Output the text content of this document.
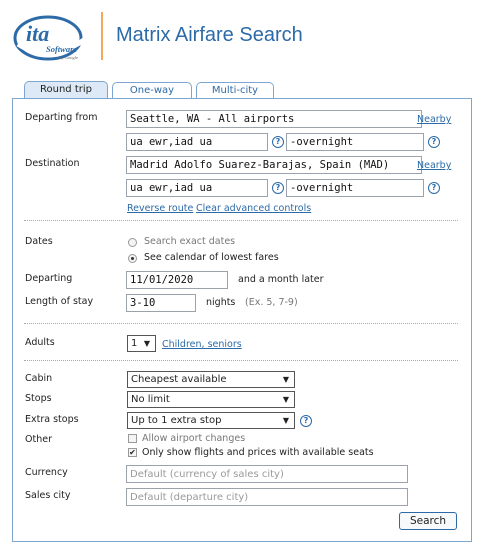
ita
Software
by Google
Matrix Airfare Search
Round trip	One-way	Multi-city
Departing from	Seattle, WA - All airports	Nearby
ua ewr,iad ua	? -overnight	?
Destination	Madrid Adolfo Suarez-Barajas, Spain (MAD)	Nearby
ua ewr,iad ua	? -overnight	?
Reverse route Clear advanced controls
Dates	Search exact dates
See calendar of lowest fares
Departing	11/01/2020	and a month later
Length of stay	3-10	nights (Ex. 5, 7-9)
Adults	1 ▼ Children, seniors
Cabin	Cheapest available	▼
Stops	No limit	▼
Extra stops	Up to 1 extra stop	▼	?
Other	Allow airport changes
✔ Only show flights and prices with available seats
Currency	Default (currency of sales city)
Sales city	Default (departure city)
Search
